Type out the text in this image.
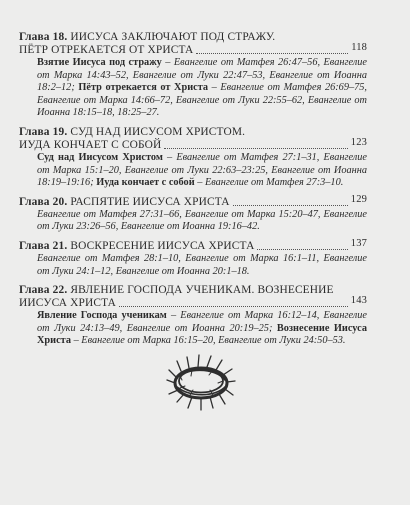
Глава 18. ИИСУСА ЗАКЛЮЧАЮТ ПОД СТРАЖУ.
ПЁТР ОТРЕКАЕТСЯ ОТ ХРИСТА	118
Взятие Иисуса под стражу – Евангелие от Матфея 26:47–56, Евангелие от Марка 14:43–52, Евангелие от Луки 22:47–53, Евангелие от Иоанна 18:2–12; Пётр отрекается от Христа – Евангелие от Матфея 26:69–75, Евангелие от Марка 14:66–72, Евангелие от Луки 22:55–62, Евангелие от Иоанна 18:15–18, 18:25–27.
Глава 19. СУД НАД ИИСУСОМ ХРИСТОМ.
ИУДА КОНЧАЕТ С СОБОЙ	123
Суд над Иисусом Христом – Евангелие от Матфея 27:1–31, Евангелие от Марка 15:1–20, Евангелие от Луки 22:63–23:25, Евангелие от Иоанна 18:19–19:16; Иуда кончает с собой – Евангелие от Матфея 27:3–10.
Глава 20. РАСПЯТИЕ ИИСУСА ХРИСТА	129
Евангелие от Матфея 27:31–66, Евангелие от Марка 15:20–47, Евангелие от Луки 23:26–56, Евангелие от Иоанна 19:16–42.
Глава 21. ВОСКРЕСЕНИЕ ИИСУСА ХРИСТА	137
Евангелие от Матфея 28:1–10, Евангелие от Марка 16:1–11, Евангелие от Луки 24:1–12, Евангелие от Иоанна 20:1–18.
Глава 22. ЯВЛЕНИЕ ГОСПОДА УЧЕНИКАМ. ВОЗНЕСЕНИЕ
ИИСУСА ХРИСТА	143
Явление Господа ученикам – Евангелие от Марка 16:12–14, Евангелие от Луки 24:13–49, Евангелие от Иоанна 20:19–25; Вознесение Иисуса Христа – Евангелие от Марка 16:15–20, Евангелие от Луки 24:50–53.
